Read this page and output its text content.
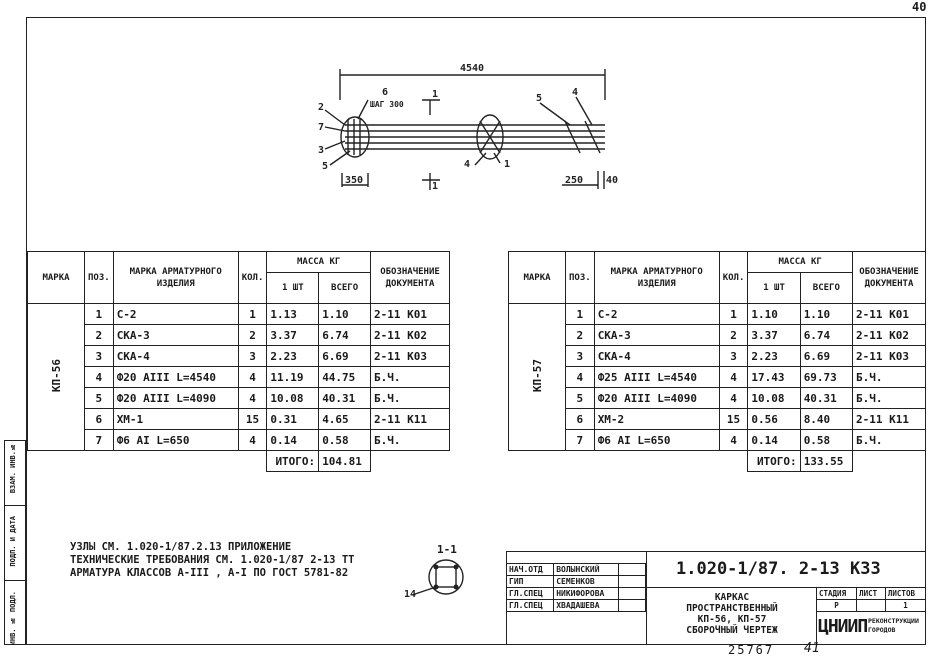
40
ИНВ. № ПОДЛ.
ПОДП. И ДАТА
ВЗАМ. ИНВ.№
4540
6
ШАГ 300
2
7
3
5
5
4
4	1
1
1
350	250 40
МАРКА	ПОЗ.	МАРКА АРМАТУРНОГО ИЗДЕЛИЯ	КОЛ.	МАССА КГ		ОБОЗНАЧЕНИЕ ДОКУМЕНТА
				1 ШТ	ВСЕГО	
КП-56	1	С-2	1	1.13	1.10	2-11 К01
	2	СКА-3	2	3.37	6.74	2-11 К02
	3	СКА-4	3	2.23	6.69	2-11 К03
	4	Ф20 АIII L=4540	4	11.19	44.75	Б.Ч.
	5	Ф20 АIII L=4090	4	10.08	40.31	Б.Ч.
	6	ХМ-1	15	0.31	4.65	2-11 К11
	7	Ф6 АI L=650	4	0.14	0.58	Б.Ч.
				ИТОГО:	104.81	
МАРКА	ПОЗ.	МАРКА АРМАТУРНОГО ИЗДЕЛИЯ	КОЛ.	МАССА КГ		ОБОЗНАЧЕНИЕ ДОКУМЕНТА
				1 ШТ	ВСЕГО	
КП-57	1	С-2	1	1.10	1.10	2-11 К01
	2	СКА-3	2	3.37	6.74	2-11 К02
	3	СКА-4	3	2.23	6.69	2-11 К03
	4	Ф25 АIII L=4540	4	17.43	69.73	Б.Ч.
	5	Ф20 АIII L=4090	4	10.08	40.31	Б.Ч.
	6	ХМ-2	15	0.56	8.40	2-11 К11
	7	Ф6 АI L=650	4	0.14	0.58	Б.Ч.
				ИТОГО:	133.55	
УЗЛЫ СМ. 1.020-1/87.2.13 ПРИЛОЖЕНИЕ
ТЕХНИЧЕСКИЕ ТРЕБОВАНИЯ СМ. 1.020-1/87 2-13 ТТ
АРМАТУРА КЛАССОВ А-III , А-I ПО ГОСТ 5781-82
1-1
14
НАЧ.ОТД	ВОЛЫНСКИЙ	
ГИП	СЕМЕНКОВ	
ГЛ.СПЕЦ	НИКИФОРОВА	
ГЛ.СПЕЦ	ХВАДАШЕВА	
1.020-1/87. 2-13 К33
КАРКАС
ПРОСТРАНСТВЕННЫЙ
КП-56, КП-57
СБОРОЧНЫЙ ЧЕРТЕЖ
СТАДИЯ	ЛИСТ	ЛИСТОВ
Р		1
ЦНИИП РЕКОНСТРУКЦИИ ГОРОДОВ
25767 41
